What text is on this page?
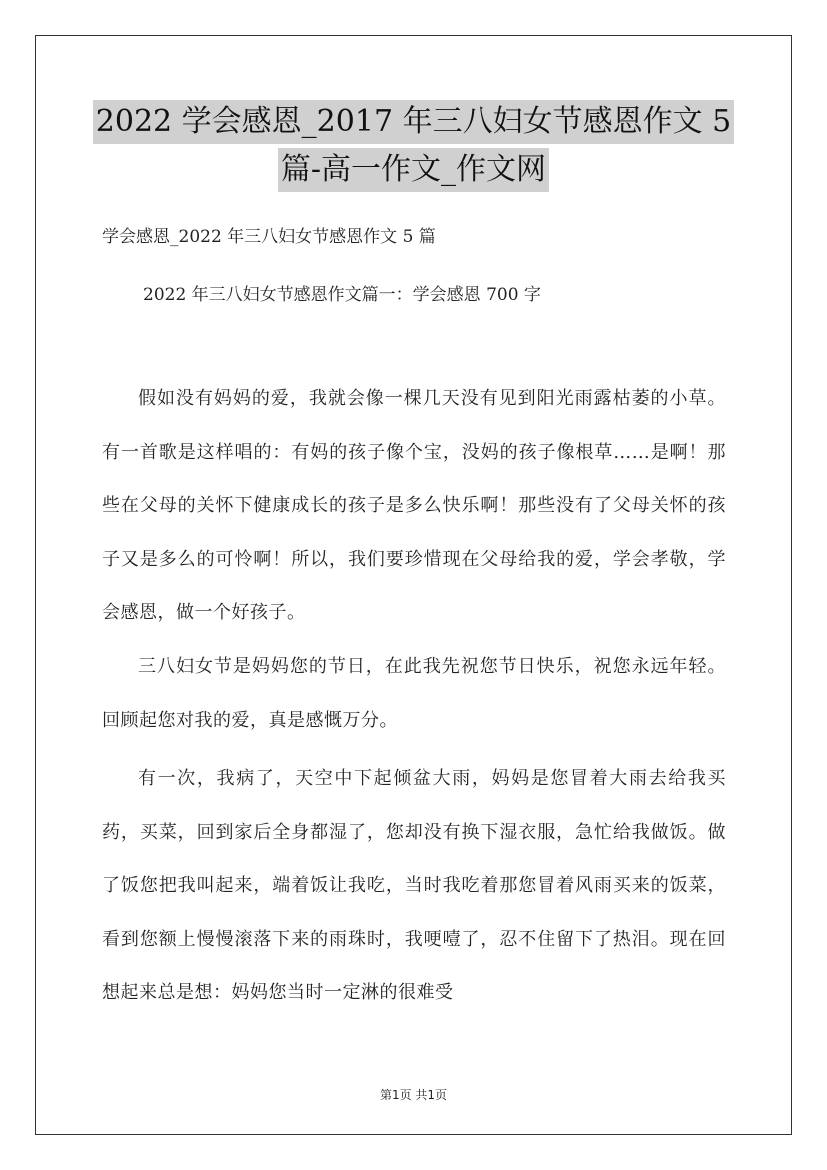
2022 学会感恩_2017 年三八妇女节感恩作文 5
篇-高一作文_作文网
学会感恩_2022 年三八妇女节感恩作文 5 篇
2022 年三八妇女节感恩作文篇一：学会感恩 700 字

假如没有妈妈的爱，我就会像一棵几天没有见到阳光雨露枯萎的小草。有一首歌是这样唱的：有妈的孩子像个宝，没妈的孩子像根草……是啊！那些在父母的关怀下健康成长的孩子是多么快乐啊！那些没有了父母关怀的孩子又是多么的可怜啊！所以，我们要珍惜现在父母给我的爱，学会孝敬，学会感恩，做一个好孩子。

三八妇女节是妈妈您的节日，在此我先祝您节日快乐，祝您永远年轻。回顾起您对我的爱，真是感慨万分。

有一次，我病了，天空中下起倾盆大雨，妈妈是您冒着大雨去给我买药，买菜，回到家后全身都湿了，您却没有换下湿衣服，急忙给我做饭。做了饭您把我叫起来，端着饭让我吃，当时我吃着那您冒着风雨买来的饭菜，看到您额上慢慢滚落下来的雨珠时，我哽噎了，忍不住留下了热泪。现在回想起来总是想：妈妈您当时一定淋的很难受

第1页 共1页
